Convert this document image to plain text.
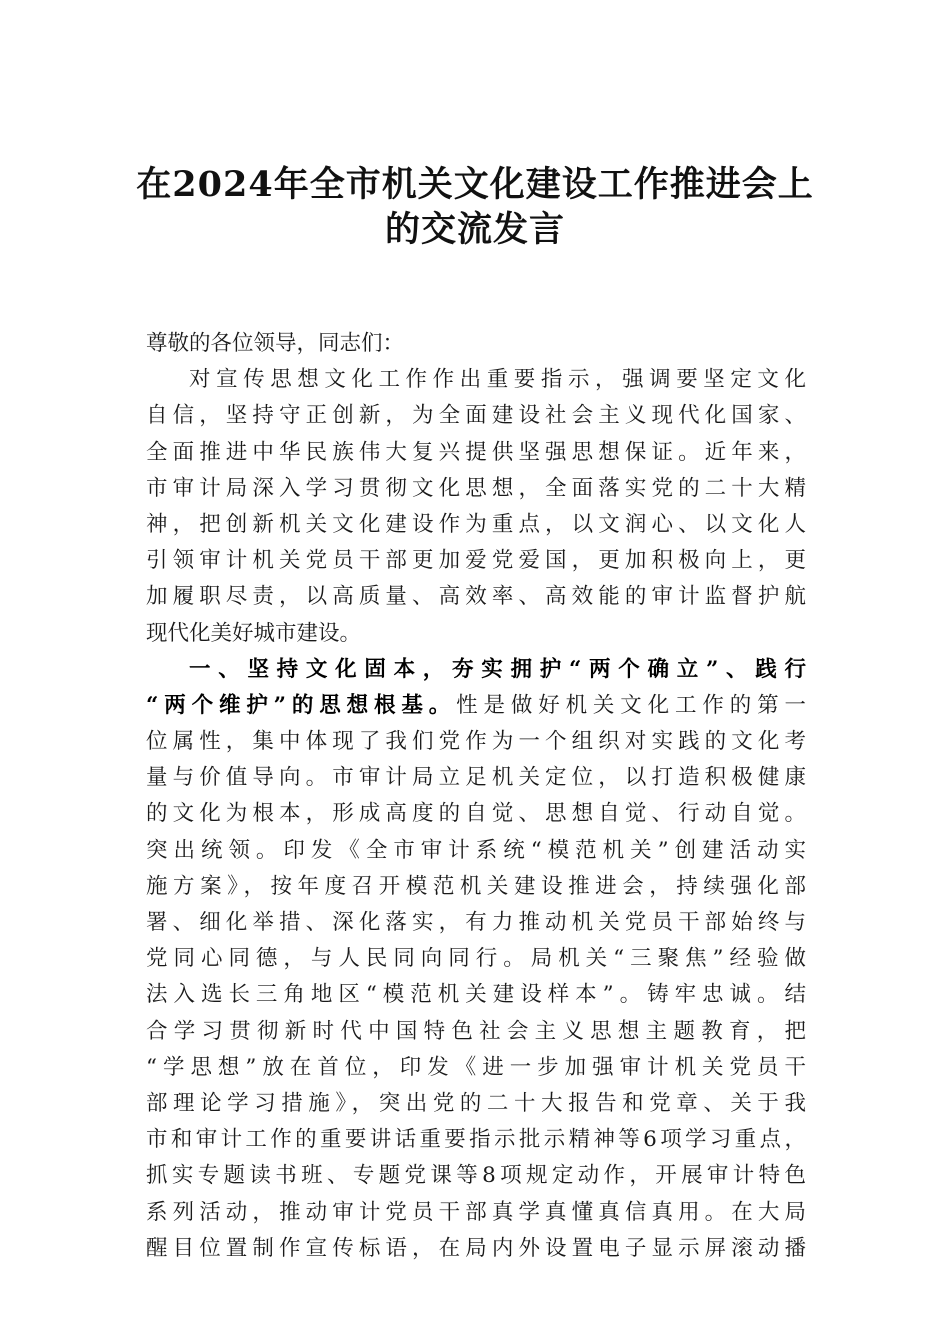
在2024年全市机关文化建设工作推进会上
的交流发言
尊敬的各位领导，同志们：
对宣传思想文化工作作出重要指示，强调要坚定文化
自信，坚持守正创新，为全面建设社会主义现代化国家、
全面推进中华民族伟大复兴提供坚强思想保证。近年来，
市审计局深入学习贯彻文化思想，全面落实党的二十大精
神，把创新机关文化建设作为重点，以文润心、以文化人
引领审计机关党员干部更加爱党爱国，更加积极向上，更
加履职尽责，以高质量、高效率、高效能的审计监督护航
现代化美好城市建设。
一、坚持文化固本，夯实拥护“两个确立”、践行
“两个维护”的思想根基。性是做好机关文化工作的第一
位属性，集中体现了我们党作为一个组织对实践的文化考
量与价值导向。市审计局立足机关定位，以打造积极健康
的文化为根本，形成高度的自觉、思想自觉、行动自觉。
突出统领。印发《全市审计系统“模范机关”创建活动实
施方案》，按年度召开模范机关建设推进会，持续强化部
署、细化举措、深化落实，有力推动机关党员干部始终与
党同心同德，与人民同向同行。局机关“三聚焦”经验做
法入选长三角地区“模范机关建设样本”。铸牢忠诚。结
合学习贯彻新时代中国特色社会主义思想主题教育，把
“学思想”放在首位，印发《进一步加强审计机关党员干
部理论学习措施》，突出党的二十大报告和党章、关于我
市和审计工作的重要讲话重要指示批示精神等6项学习重点，
抓实专题读书班、专题党课等8项规定动作，开展审计特色
系列活动，推动审计党员干部真学真懂真信真用。在大局
醒目位置制作宣传标语，在局内外设置电子显示屏滚动播
